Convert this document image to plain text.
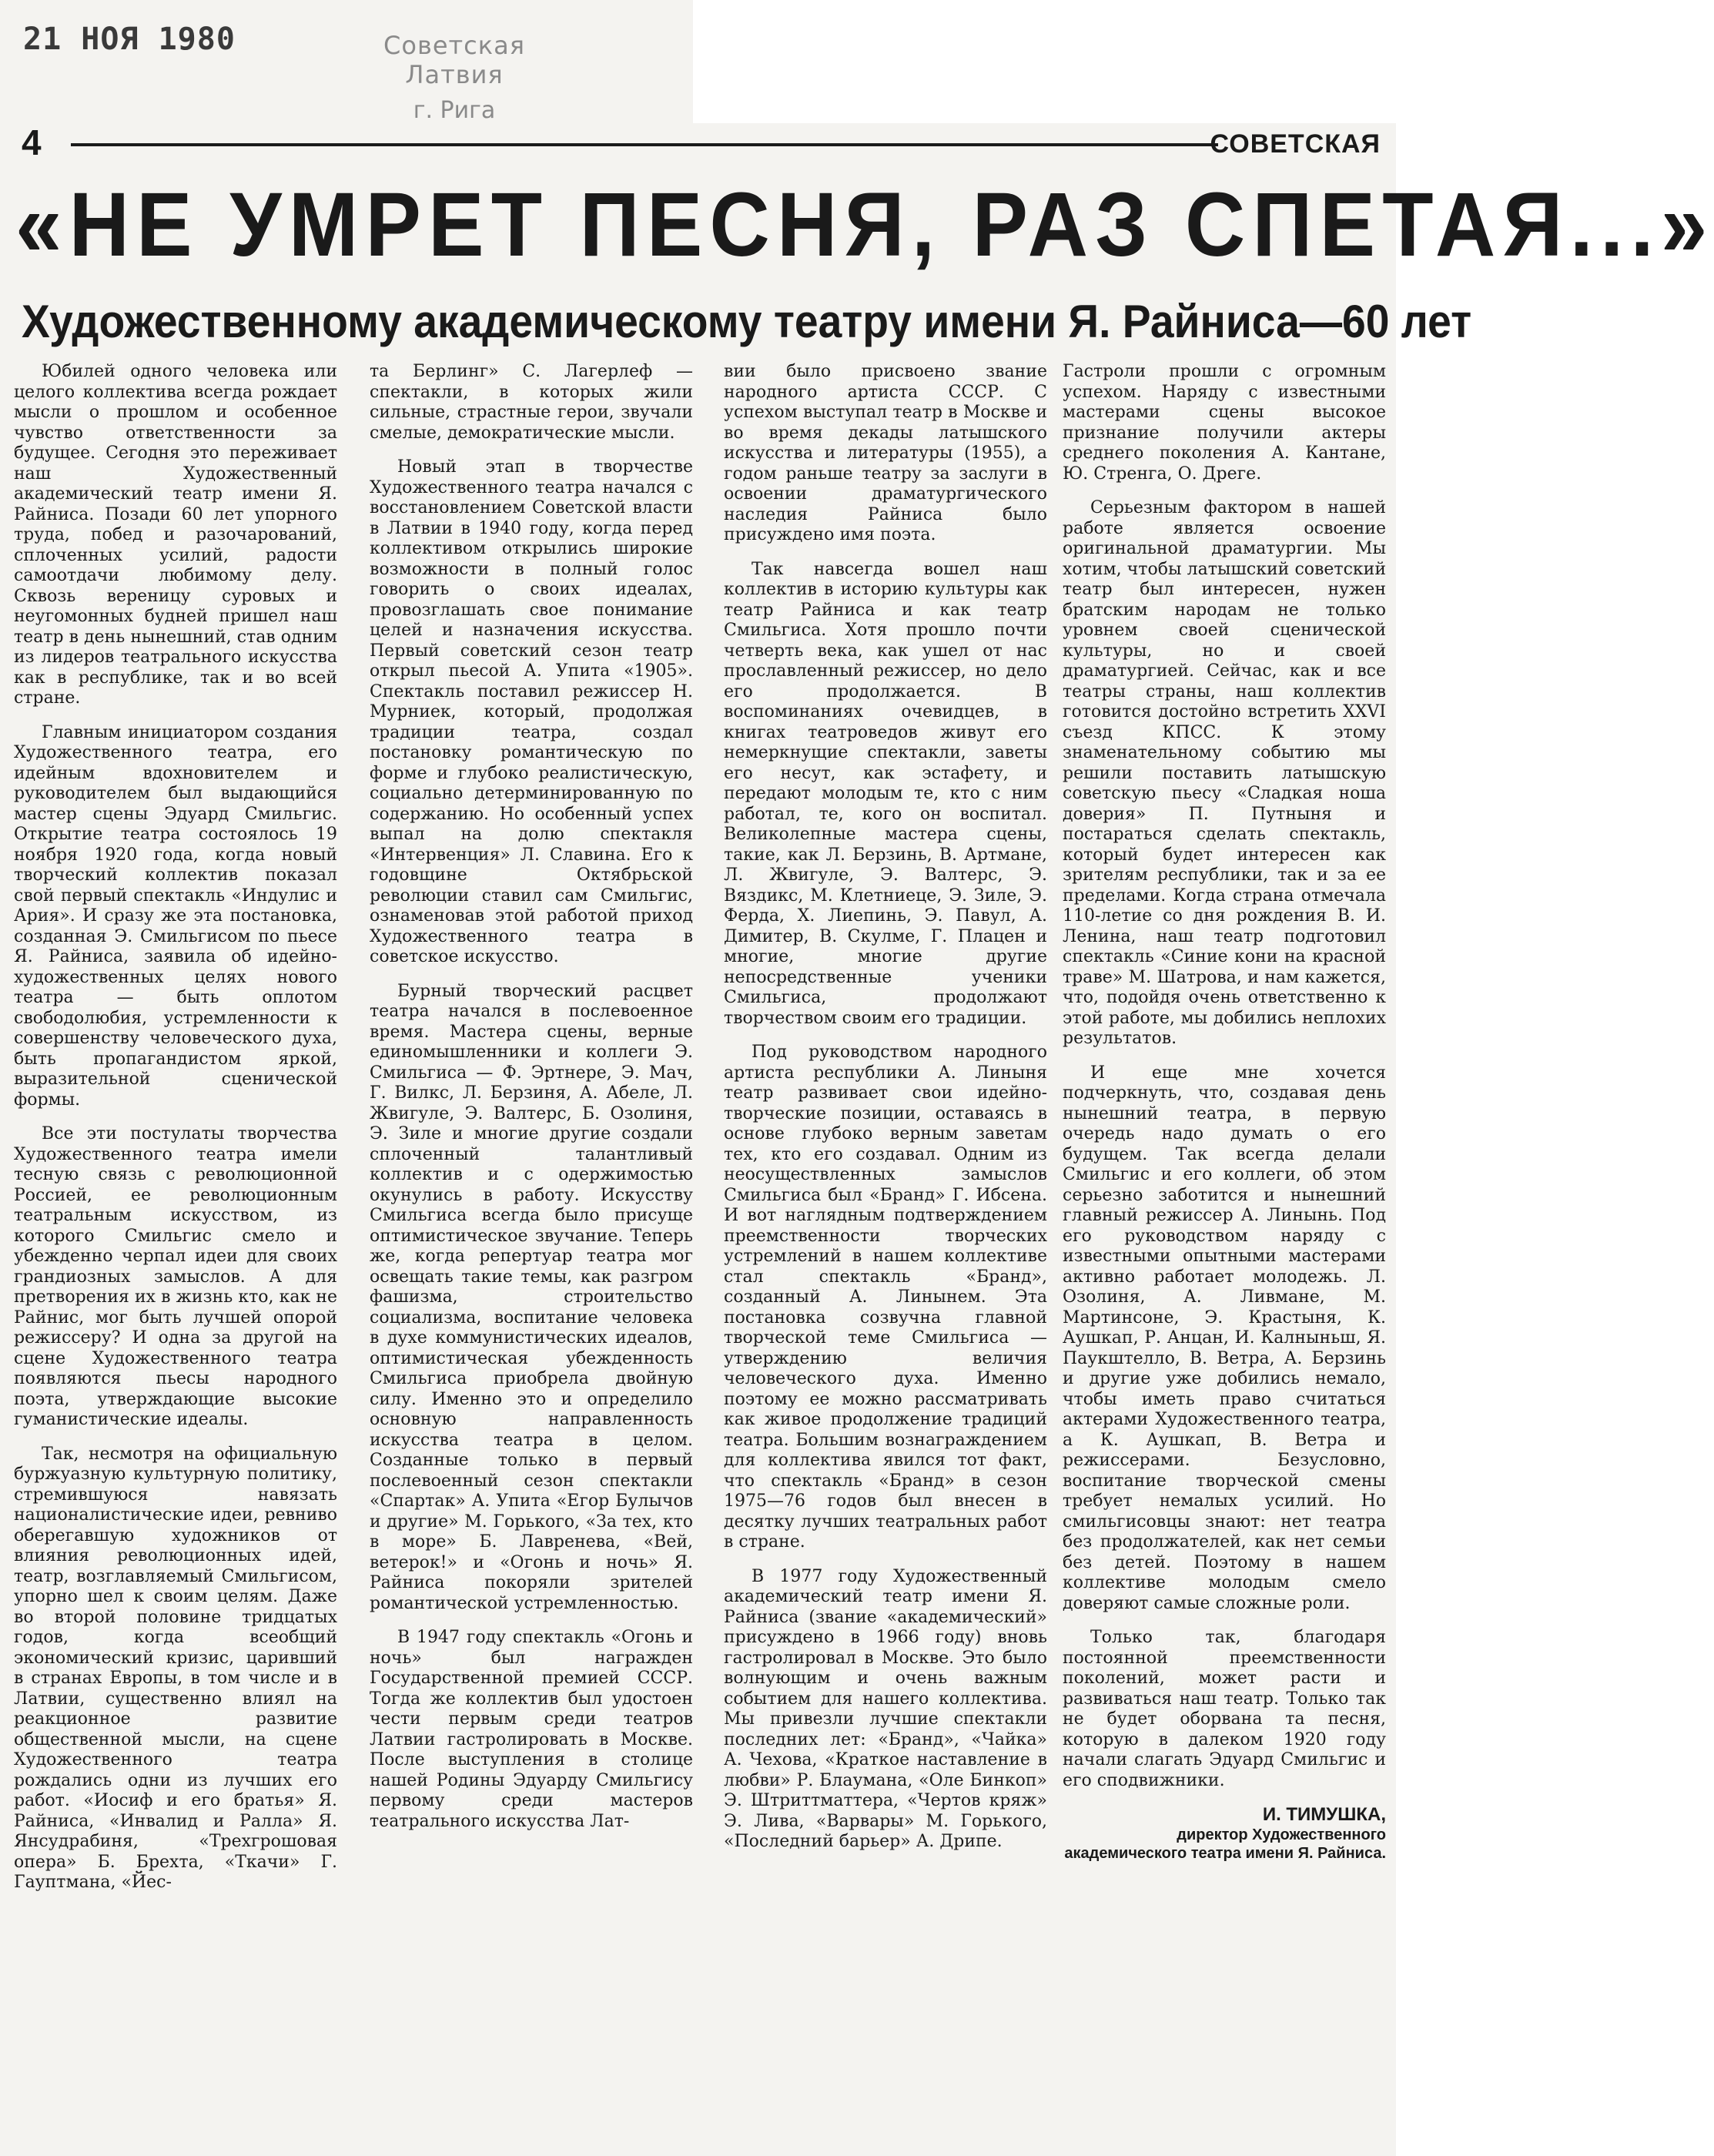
21 НОЯ 1980	Советская Латвия
г. Рига
4	СОВЕТСКАЯ
«НЕ УМРЕТ ПЕСНЯ, РАЗ СПЕТАЯ...»
Художественному академическому театру имени Я. Райниса—60 лет

Юбилей одного человека или целого коллектива всегда рождает мысли о прошлом и особенное чувство ответственности за будущее. Сегодня это переживает наш Художественный академический театр имени Я. Райниса. Позади 60 лет упорного труда, побед и разочарований, сплоченных усилий, радости самоотдачи любимому делу. Сквозь вереницу суровых и неугомонных будней пришел наш театр в день нынешний, став одним из лидеров театрального искусства как в республике, так и во всей стране.

Главным инициатором создания Художественного театра, его идейным вдохновителем и руководителем был выдающийся мастер сцены Эдуард Смильгис. Открытие театра состоялось 19 ноября 1920 года, когда новый творческий коллектив показал свой первый спектакль «Индулис и Ария». И сразу же эта постановка, созданная Э. Смильгисом по пьесе Я. Райниса, заявила об идейно-художественных целях нового театра — быть оплотом свободолюбия, устремленности к совершенству человеческого духа, быть пропагандистом яркой, выразительной сценической формы.

Все эти постулаты творчества Художественного театра имели тесную связь с революционной Россией, ее революционным театральным искусством, из которого Смильгис смело и убежденно черпал идеи для своих грандиозных замыслов. А для претворения их в жизнь кто, как не Райнис, мог быть лучшей опорой режиссеру? И одна за другой на сцене Художественного театра появляются пьесы народного поэта, утверждающие высокие гуманистические идеалы.

Так, несмотря на официальную буржуазную культурную политику, стремившуюся навязать националистические идеи, ревниво оберегавшую художников от влияния революционных идей, театр, возглавляемый Смильгисом, упорно шел к своим целям. Даже во второй половине тридцатых годов, когда всеобщий экономический кризис, царивший в странах Европы, в том числе и в Латвии, существенно влиял на реакционное развитие общественной мысли, на сцене Художественного театра рождались одни из лучших его работ. «Иосиф и его братья» Я. Райниса, «Инвалид и Ралла» Я. Янсудрабиня, «Трехгрошовая опера» Б. Брехта, «Ткачи» Г. Гауптмана, «Йес-

та Берлинг» С. Лагерлеф — спектакли, в которых жили сильные, страстные герои, звучали смелые, демократические мысли.

Новый этап в творчестве Художественного театра начался с восстановлением Советской власти в Латвии в 1940 году, когда перед коллективом открылись широкие возможности в полный голос говорить о своих идеалах, провозглашать свое понимание целей и назначения искусства. Первый советский сезон театр открыл пьесой А. Упита «1905». Спектакль поставил режиссер Н. Мурниек, который, продолжая традиции театра, создал постановку романтическую по форме и глубоко реалистическую, социально детерминированную по содержанию. Но особенный успех выпал на долю спектакля «Интервенция» Л. Славина. Его к годовщине Октябрьской революции ставил сам Смильгис, ознаменовав этой работой приход Художественного театра в советское искусство.

Бурный творческий расцвет театра начался в послевоенное время. Мастера сцены, верные единомышленники и коллеги Э. Смильгиса — Ф. Эртнере, Э. Мач, Г. Вилкс, Л. Берзиня, А. Абеле, Л. Жвигуле, Э. Валтерс, Б. Озолиня, Э. Зиле и многие другие создали сплоченный талантливый коллектив и с одержимостью окунулись в работу. Искусству Смильгиса всегда было присуще оптимистическое звучание. Теперь же, когда репертуар театра мог освещать такие темы, как разгром фашизма, строительство социализма, воспитание человека в духе коммунистических идеалов, оптимистическая убежденность Смильгиса приобрела двойную силу. Именно это и определило основную направленность искусства театра в целом. Созданные только в первый послевоенный сезон спектакли «Спартак» А. Упита «Егор Булычов и другие» М. Горького, «За тех, кто в море» Б. Лавренева, «Вей, ветерок!» и «Огонь и ночь» Я. Райниса покоряли зрителей романтической устремленностью.

В 1947 году спектакль «Огонь и ночь» был награжден Государственной премией СССР. Тогда же коллектив был удостоен чести первым среди театров Латвии гастролировать в Москве. После выступления в столице нашей Родины Эдуарду Смильгису первому среди мастеров театрального искусства Лат-

вии было присвоено звание народного артиста СССР. С успехом выступал театр в Москве и во время декады латышского искусства и литературы (1955), а годом раньше театру за заслуги в освоении драматургического наследия Райниса было присуждено имя поэта.

Так навсегда вошел наш коллектив в историю культуры как театр Райниса и как театр Смильгиса. Хотя прошло почти четверть века, как ушел от нас прославленный режиссер, но дело его продолжается. В воспоминаниях очевидцев, в книгах театроведов живут его немеркнущие спектакли, заветы его несут, как эстафету, и передают молодым те, кто с ним работал, те, кого он воспитал. Великолепные мастера сцены, такие, как Л. Берзинь, В. Артмане, Л. Жвигуле, Э. Валтерс, Э. Вяздикс, М. Клетниеце, Э. Зиле, Э. Ферда, Х. Лиепинь, Э. Павул, А. Димитер, В. Скулме, Г. Плацен и многие, многие другие непосредственные ученики Смильгиса, продолжают творчеством своим его традиции.

Под руководством народного артиста республики А. Линыня театр развивает свои идейно-творческие позиции, оставаясь в основе глубоко верным заветам тех, кто его создавал. Одним из неосуществленных замыслов Смильгиса был «Бранд» Г. Ибсена. И вот наглядным подтверждением преемственности творческих устремлений в нашем коллективе стал спектакль «Бранд», созданный А. Линынем. Эта постановка созвучна главной творческой теме Смильгиса — утверждению величия человеческого духа. Именно поэтому ее можно рассматривать как живое продолжение традиций театра. Большим вознаграждением для коллектива явился тот факт, что спектакль «Бранд» в сезон 1975—76 годов был внесен в десятку лучших театральных работ в стране.

В 1977 году Художественный академический театр имени Я. Райниса (звание «академический» присуждено в 1966 году) вновь гастролировал в Москве. Это было волнующим и очень важным событием для нашего коллектива. Мы привезли лучшие спектакли последних лет: «Бранд», «Чайка» А. Чехова, «Краткое наставление в любви» Р. Блаумана, «Оле Бинкоп» Э. Штриттматтера, «Чертов кряж» Э. Лива, «Варвары» М. Горького, «Последний барьер» А. Дрипе.

Гастроли прошли с огромным успехом. Наряду с известными мастерами сцены высокое признание получили актеры среднего поколения А. Кантане, Ю. Стренга, О. Дреге.

Серьезным фактором в нашей работе является освоение оригинальной драматургии. Мы хотим, чтобы латышский советский театр был интересен, нужен братским народам не только уровнем своей сценической культуры, но и своей драматургией. Сейчас, как и все театры страны, наш коллектив готовится достойно встретить XXVI съезд КПСС. К этому знаменательному событию мы решили поставить латышскую советскую пьесу «Сладкая ноша доверия» П. Путныня и постараться сделать спектакль, который будет интересен как зрителям республики, так и за ее пределами. Когда страна отмечала 110-летие со дня рождения В. И. Ленина, наш театр подготовил спектакль «Синие кони на красной траве» М. Шатрова, и нам кажется, что, подойдя очень ответственно к этой работе, мы добились неплохих результатов.

И еще мне хочется подчеркнуть, что, создавая день нынешний театра, в первую очередь надо думать о его будущем. Так всегда делали Смильгис и его коллеги, об этом серьезно заботится и нынешний главный режиссер А. Линынь. Под его руководством наряду с известными опытными мастерами активно работает молодежь. Л. Озолиня, А. Ливмане, М. Мартинсоне, Э. Крастыня, К. Аушкап, Р. Анцан, И. Калныньш, Я. Паукштелло, В. Ветра, А. Берзинь и другие уже добились немало, чтобы иметь право считаться актерами Художественного театра, а К. Аушкап, В. Ветра и режиссерами. Безусловно, воспитание творческой смены требует немалых усилий. Но смильгисовцы знают: нет театра без продолжателей, как нет семьи без детей. Поэтому в нашем коллективе молодым смело доверяют самые сложные роли.

Только так, благодаря постоянной преемственности поколений, может расти и развиваться наш театр. Только так не будет оборвана та песня, которую в далеком 1920 году начали слагать Эдуард Смильгис и его сподвижники.

И. ТИМУШКА,
директор Художественного академического театра имени Я. Райниса.
